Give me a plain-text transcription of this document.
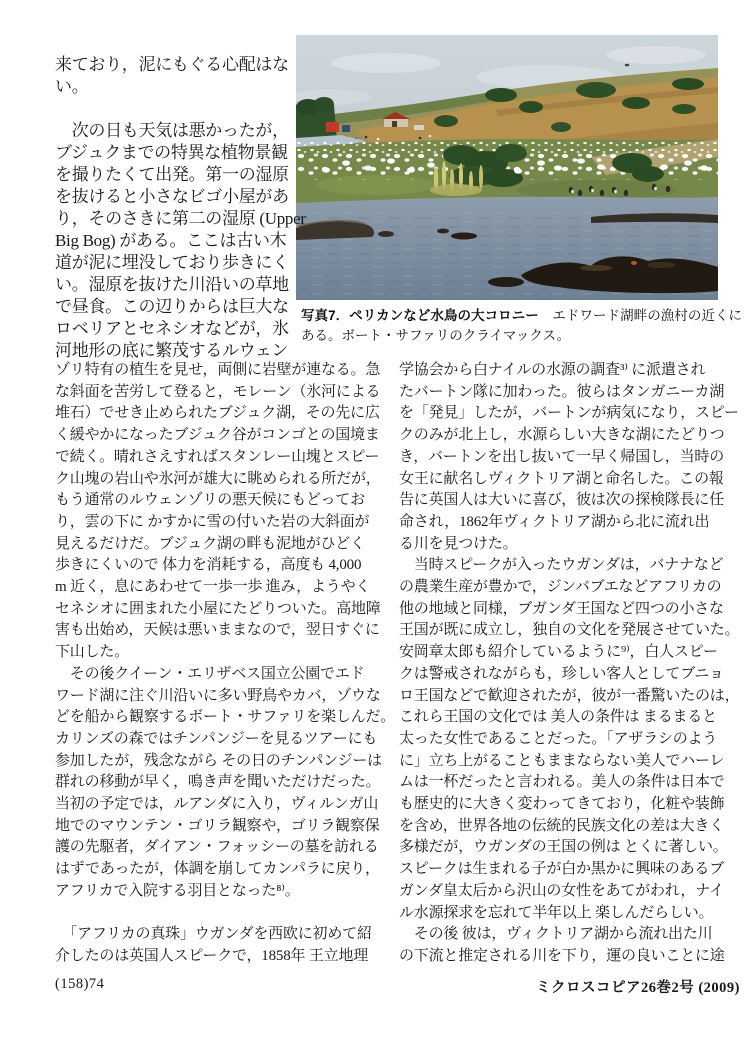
写真7．ペリカンなど水鳥の大コロニー　エドワード湖畔の漁村の近くにある。ボート・サファリのクライマックス。
来ており，泥にもぐる心配はな
い。

　次の日も天気は悪かったが，
ブジュクまでの特異な植物景観
を撮りたくて出発。第一の湿原
を抜けると小さなビゴ小屋があ
り，そのさきに第二の湿原 (Upper
Big Bog) がある。ここは古い木
道が泥に埋没しており歩きにく
い。湿原を抜けた川沿いの草地
で昼食。この辺りからは巨大な
ロベリアとセネシオなどが，氷
河地形の底に繁茂するルウェン
ゾリ特有の植生を見せ，両側に岩壁が連なる。急
な斜面を苦労して登ると，モレーン（氷河による
堆石）でせき止められたブジュク湖，その先に広
く緩やかになったブジュク谷がコンゴとの国境ま
で続く。晴れさえすればスタンレー山塊とスピー
ク山塊の岩山や氷河が雄大に眺められる所だが，
もう通常のルウェンゾリの悪天候にもどってお
り，雲の下に かすかに雪の付いた岩の大斜面が
見えるだけだ。ブジュク湖の畔も泥地がひどく
歩きにくいので 体力を消耗する，高度も 4,000
m 近く，息にあわせて一歩一歩 進み，ようやく
セネシオに囲まれた小屋にたどりついた。高地障
害も出始め，天候は悪いままなので，翌日すぐに
下山した。
　その後クイーン・エリザベス国立公園でエド
ワード湖に注ぐ川沿いに多い野鳥やカバ，ゾウな
どを船から観察するボート・サファリを楽しんだ。
カリンズの森ではチンパンジーを見るツアーにも
参加したが，残念ながら その日のチンパンジーは
群れの移動が早く，鳴き声を聞いただけだった。
当初の予定では，ルアンダに入り，ヴィルンガ山
地でのマウンテン・ゴリラ観察や，ゴリラ観察保
護の先駆者，ダイアン・フォッシーの墓を訪れる
はずであったが，体調を崩してカンパラに戻り，
アフリカで入院する羽目となった⁸⁾。

　「アフリカの真珠」ウガンダを西欧に初めて紹
介したのは英国人スピークで，1858年 王立地理
学協会から白ナイルの水源の調査³⁾ に派遣され
たバートン隊に加わった。彼らはタンガニーカ湖
を「発見」したが，バートンが病気になり，スピー
クのみが北上し，水源らしい大きな湖にたどりつ
き，バートンを出し抜いて一早く帰国し，当時の
女王に献名しヴィクトリア湖と命名した。この報
告に英国人は大いに喜び，彼は次の探検隊長に任
命され，1862年ヴィクトリア湖から北に流れ出
る川を見つけた。
　当時スピークが入ったウガンダは，バナナなど
の農業生産が豊かで，ジンバブエなどアフリカの
他の地域と同様，ブガンダ王国など四つの小さな
王国が既に成立し，独自の文化を発展させていた。
安岡章太郎も紹介しているように⁹⁾，白人スピー
クは警戒されながらも，珍しい客人としてブニョ
ロ王国などで歓迎されたが，彼が一番驚いたのは，
これら王国の文化では 美人の条件は まるまると
太った女性であることだった。「アザラシのよう
に」立ち上がることもままならない美人でハーレ
ムは一杯だったと言われる。美人の条件は日本で
も歴史的に大きく変わってきており，化粧や装飾
を含め，世界各地の伝統的民族文化の差は大きく
多様だが，ウガンダの王国の例は とくに著しい。
スピークは生まれる子が白か黒かに興味のあるブ
ガンダ皇太后から沢山の女性をあてがわれ，ナイ
ル水源探求を忘れて半年以上 楽しんだらしい。
　その後 彼は，ヴィクトリア湖から流れ出た川
の下流と推定される川を下り，運の良いことに途
(158)74	ミクロスコピア26巻2号 (2009)
